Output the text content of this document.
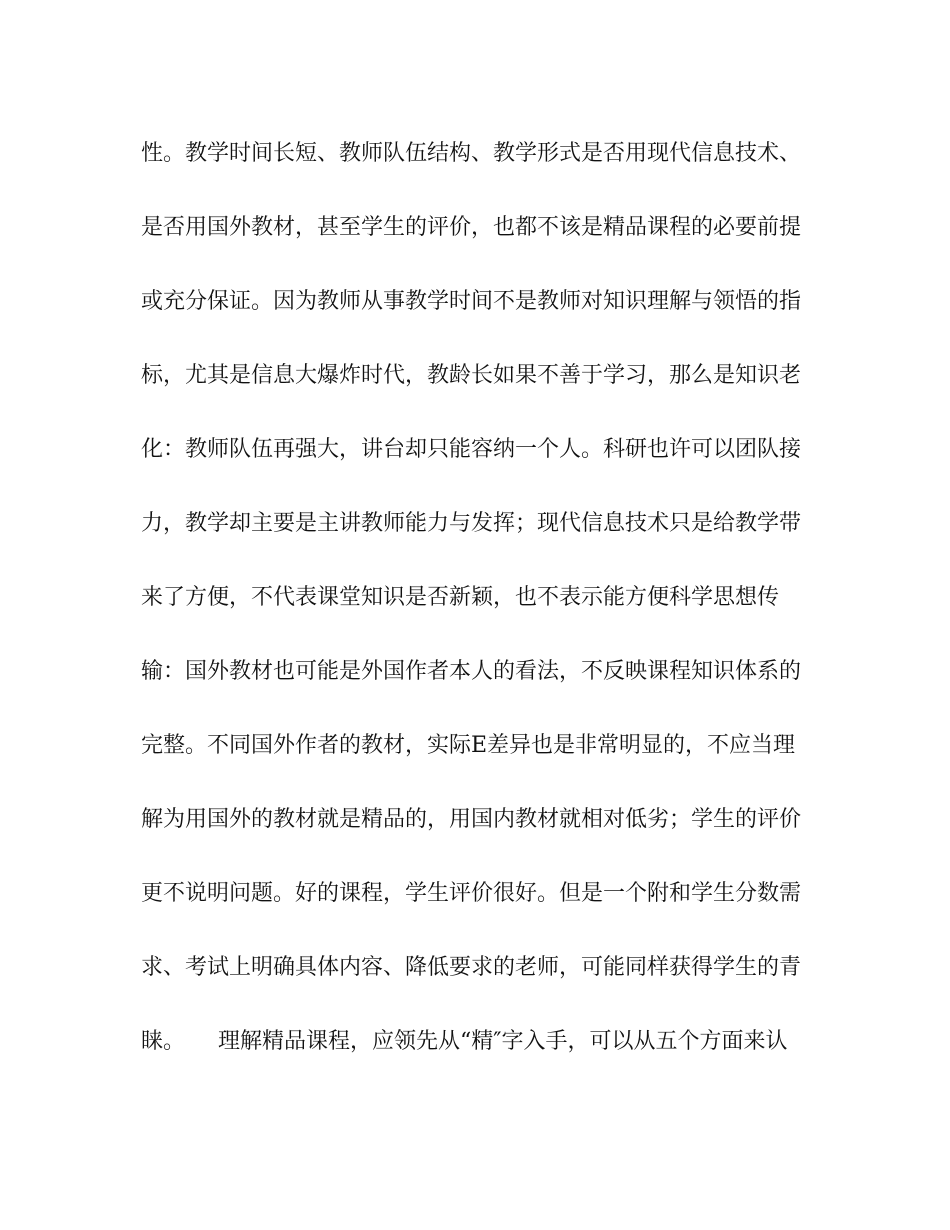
性。教学时间长短、教师队伍结构、教学形式是否用现代信息技术、
是否用国外教材，甚至学生的评价，也都不该是精品课程的必要前提
或充分保证。因为教师从事教学时间不是教师对知识理解与领悟的指
标，尤其是信息大爆炸时代，教龄长如果不善于学习，那么是知识老
化：教师队伍再强大，讲台却只能容纳一个人。科研也许可以团队接
力，教学却主要是主讲教师能力与发挥；现代信息技术只是给教学带
来了方便，不代表课堂知识是否新颖，也不表示能方便科学思想传
输：国外教材也可能是外国作者本人的看法，不反映课程知识体系的
完整。不同国外作者的教材，实际E差异也是非常明显的，不应当理
解为用国外的教材就是精品的，用国内教材就相对低劣；学生的评价
更不说明问题。好的课程，学生评价很好。但是一个附和学生分数需
求、考试上明确具体内容、降低要求的老师，可能同样获得学生的青
睐。　　理解精品课程，应领先从“精″字入手，可以从五个方面来认
